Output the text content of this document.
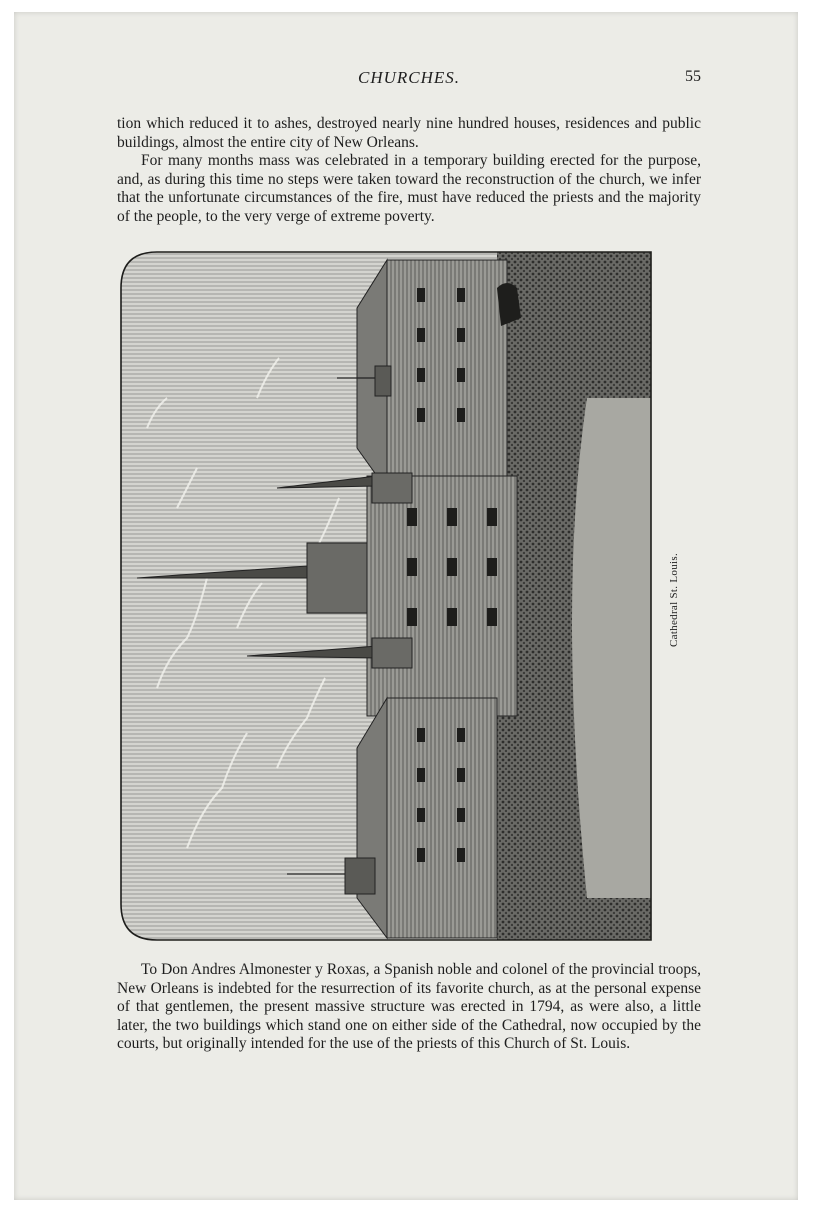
CHURCHES.	55

tion which reduced it to ashes, destroyed nearly nine hundred houses, residences and public buildings, almost the entire city of New Orleans.

For many months mass was celebrated in a temporary building erected for the purpose, and, as during this time no steps were taken toward the reconstruction of the church, we infer that the unfortunate circumstances of the fire, must have reduced the priests and the majority of the people, to the very verge of extreme poverty.

Cathedral St. Louis.

To Don Andres Almonester y Roxas, a Spanish noble and colonel of the provincial troops, New Orleans is indebted for the resurrection of its favorite church, as at the personal expense of that gentlemen, the present massive structure was erected in 1794, as were also, a little later, the two buildings which stand one on either side of the Cathedral, now occupied by the courts, but originally intended for the use of the priests of this Church of St. Louis.
